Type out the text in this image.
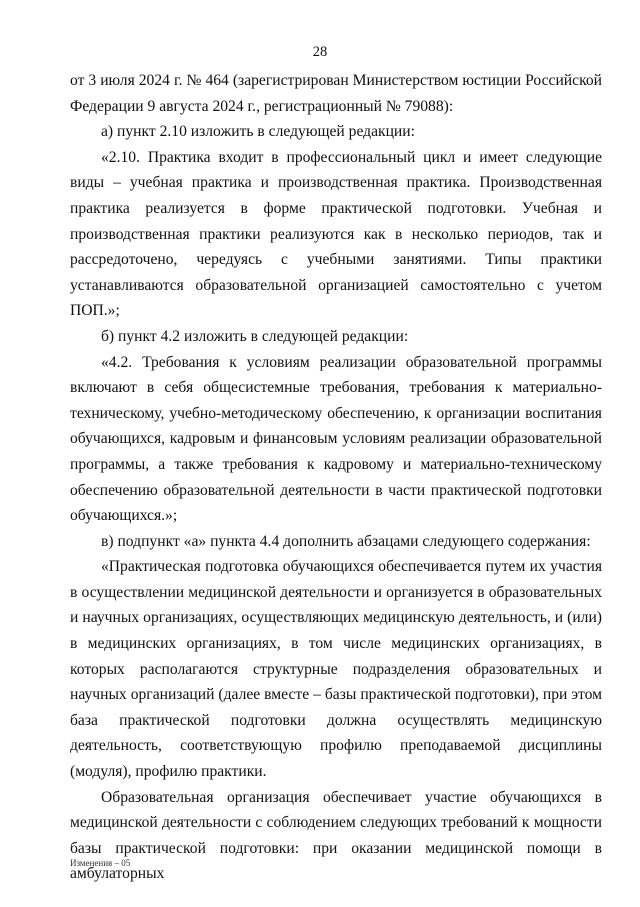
28

от 3 июля 2024 г. № 464 (зарегистрирован Министерством юстиции Российской Федерации 9 августа 2024 г., регистрационный № 79088):

а) пункт 2.10 изложить в следующей редакции:

«2.10. Практика входит в профессиональный цикл и имеет следующие виды – учебная практика и производственная практика. Производственная практика реализуется в форме практической подготовки. Учебная и производственная практики реализуются как в несколько периодов, так и рассредоточено, чередуясь с учебными занятиями. Типы практики устанавливаются образовательной организацией самостоятельно с учетом ПОП.»;

б) пункт 4.2 изложить в следующей редакции:

«4.2. Требования к условиям реализации образовательной программы включают в себя общесистемные требования, требования к материально-техническому, учебно-методическому обеспечению, к организации воспитания обучающихся, кадровым и финансовым условиям реализации образовательной программы, а также требования к кадровому и материально-техническому обеспечению образовательной деятельности в части практической подготовки обучающихся.»;

в) подпункт «а» пункта 4.4 дополнить абзацами следующего содержания:

«Практическая подготовка обучающихся обеспечивается путем их участия в осуществлении медицинской деятельности и организуется в образовательных и научных организациях, осуществляющих медицинскую деятельность, и (или) в медицинских организациях, в том числе медицинских организациях, в которых располагаются структурные подразделения образовательных и научных организаций (далее вместе – базы практической подготовки), при этом база практической подготовки должна осуществлять медицинскую деятельность, соответствующую профилю преподаваемой дисциплины (модуля), профилю практики.

Образовательная организация обеспечивает участие обучающихся в медицинской деятельности с соблюдением следующих требований к мощности базы практической подготовки: при оказании медицинской помощи в амбулаторных

Изменения – 05
